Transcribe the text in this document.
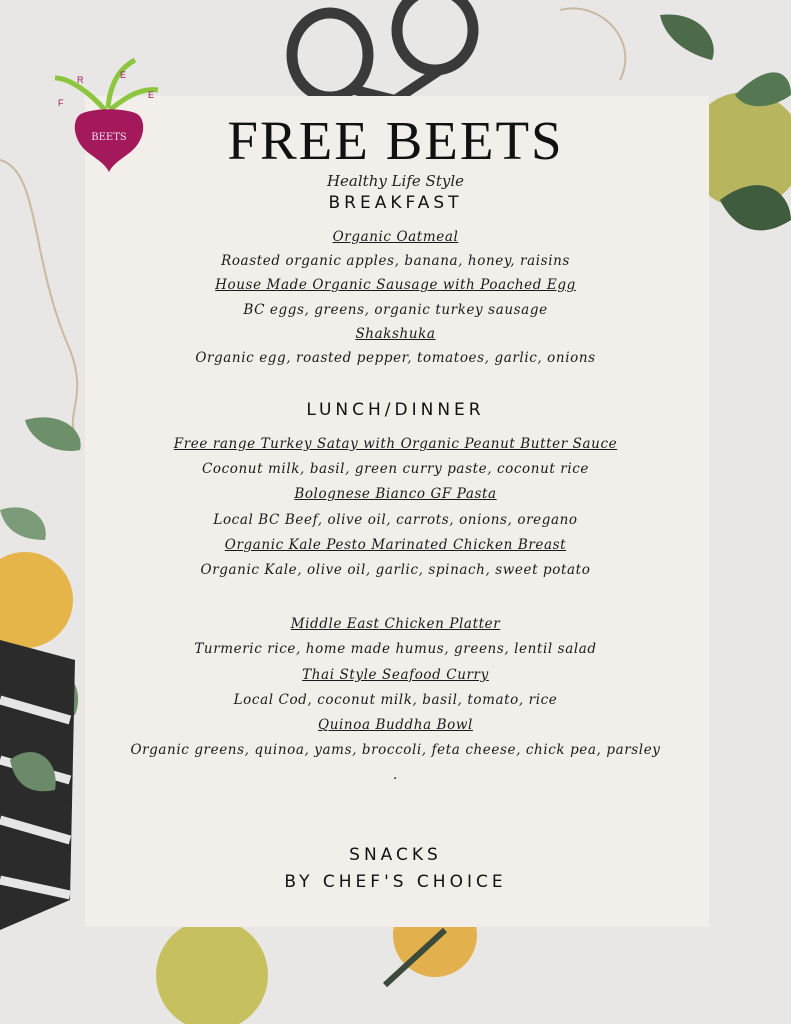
F
R	E
E
BEETS	FREE BEETS
Healthy Life Style
BREAKFAST
Organic Oatmeal
Roasted organic apples, banana, honey, raisins
House Made Organic Sausage with Poached Egg
BC eggs, greens, organic turkey sausage
Shakshuka
Organic egg, roasted pepper, tomatoes, garlic, onions
LUNCH/DINNER
Free range Turkey Satay with Organic Peanut Butter Sauce
Coconut milk, basil, green curry paste, coconut rice
Bolognese Bianco GF Pasta
Local BC Beef, olive oil, carrots, onions, oregano
Organic Kale Pesto Marinated Chicken Breast
Organic Kale, olive oil, garlic, spinach, sweet potato
Middle East Chicken Platter
Turmeric rice, home made humus, greens, lentil salad
Thai Style Seafood Curry
Local Cod, coconut milk, basil, tomato, rice
Quinoa Buddha Bowl
Organic greens, quinoa, yams, broccoli, feta cheese, chick pea, parsley
.
SNACKS
BY CHEF'S CHOICE
